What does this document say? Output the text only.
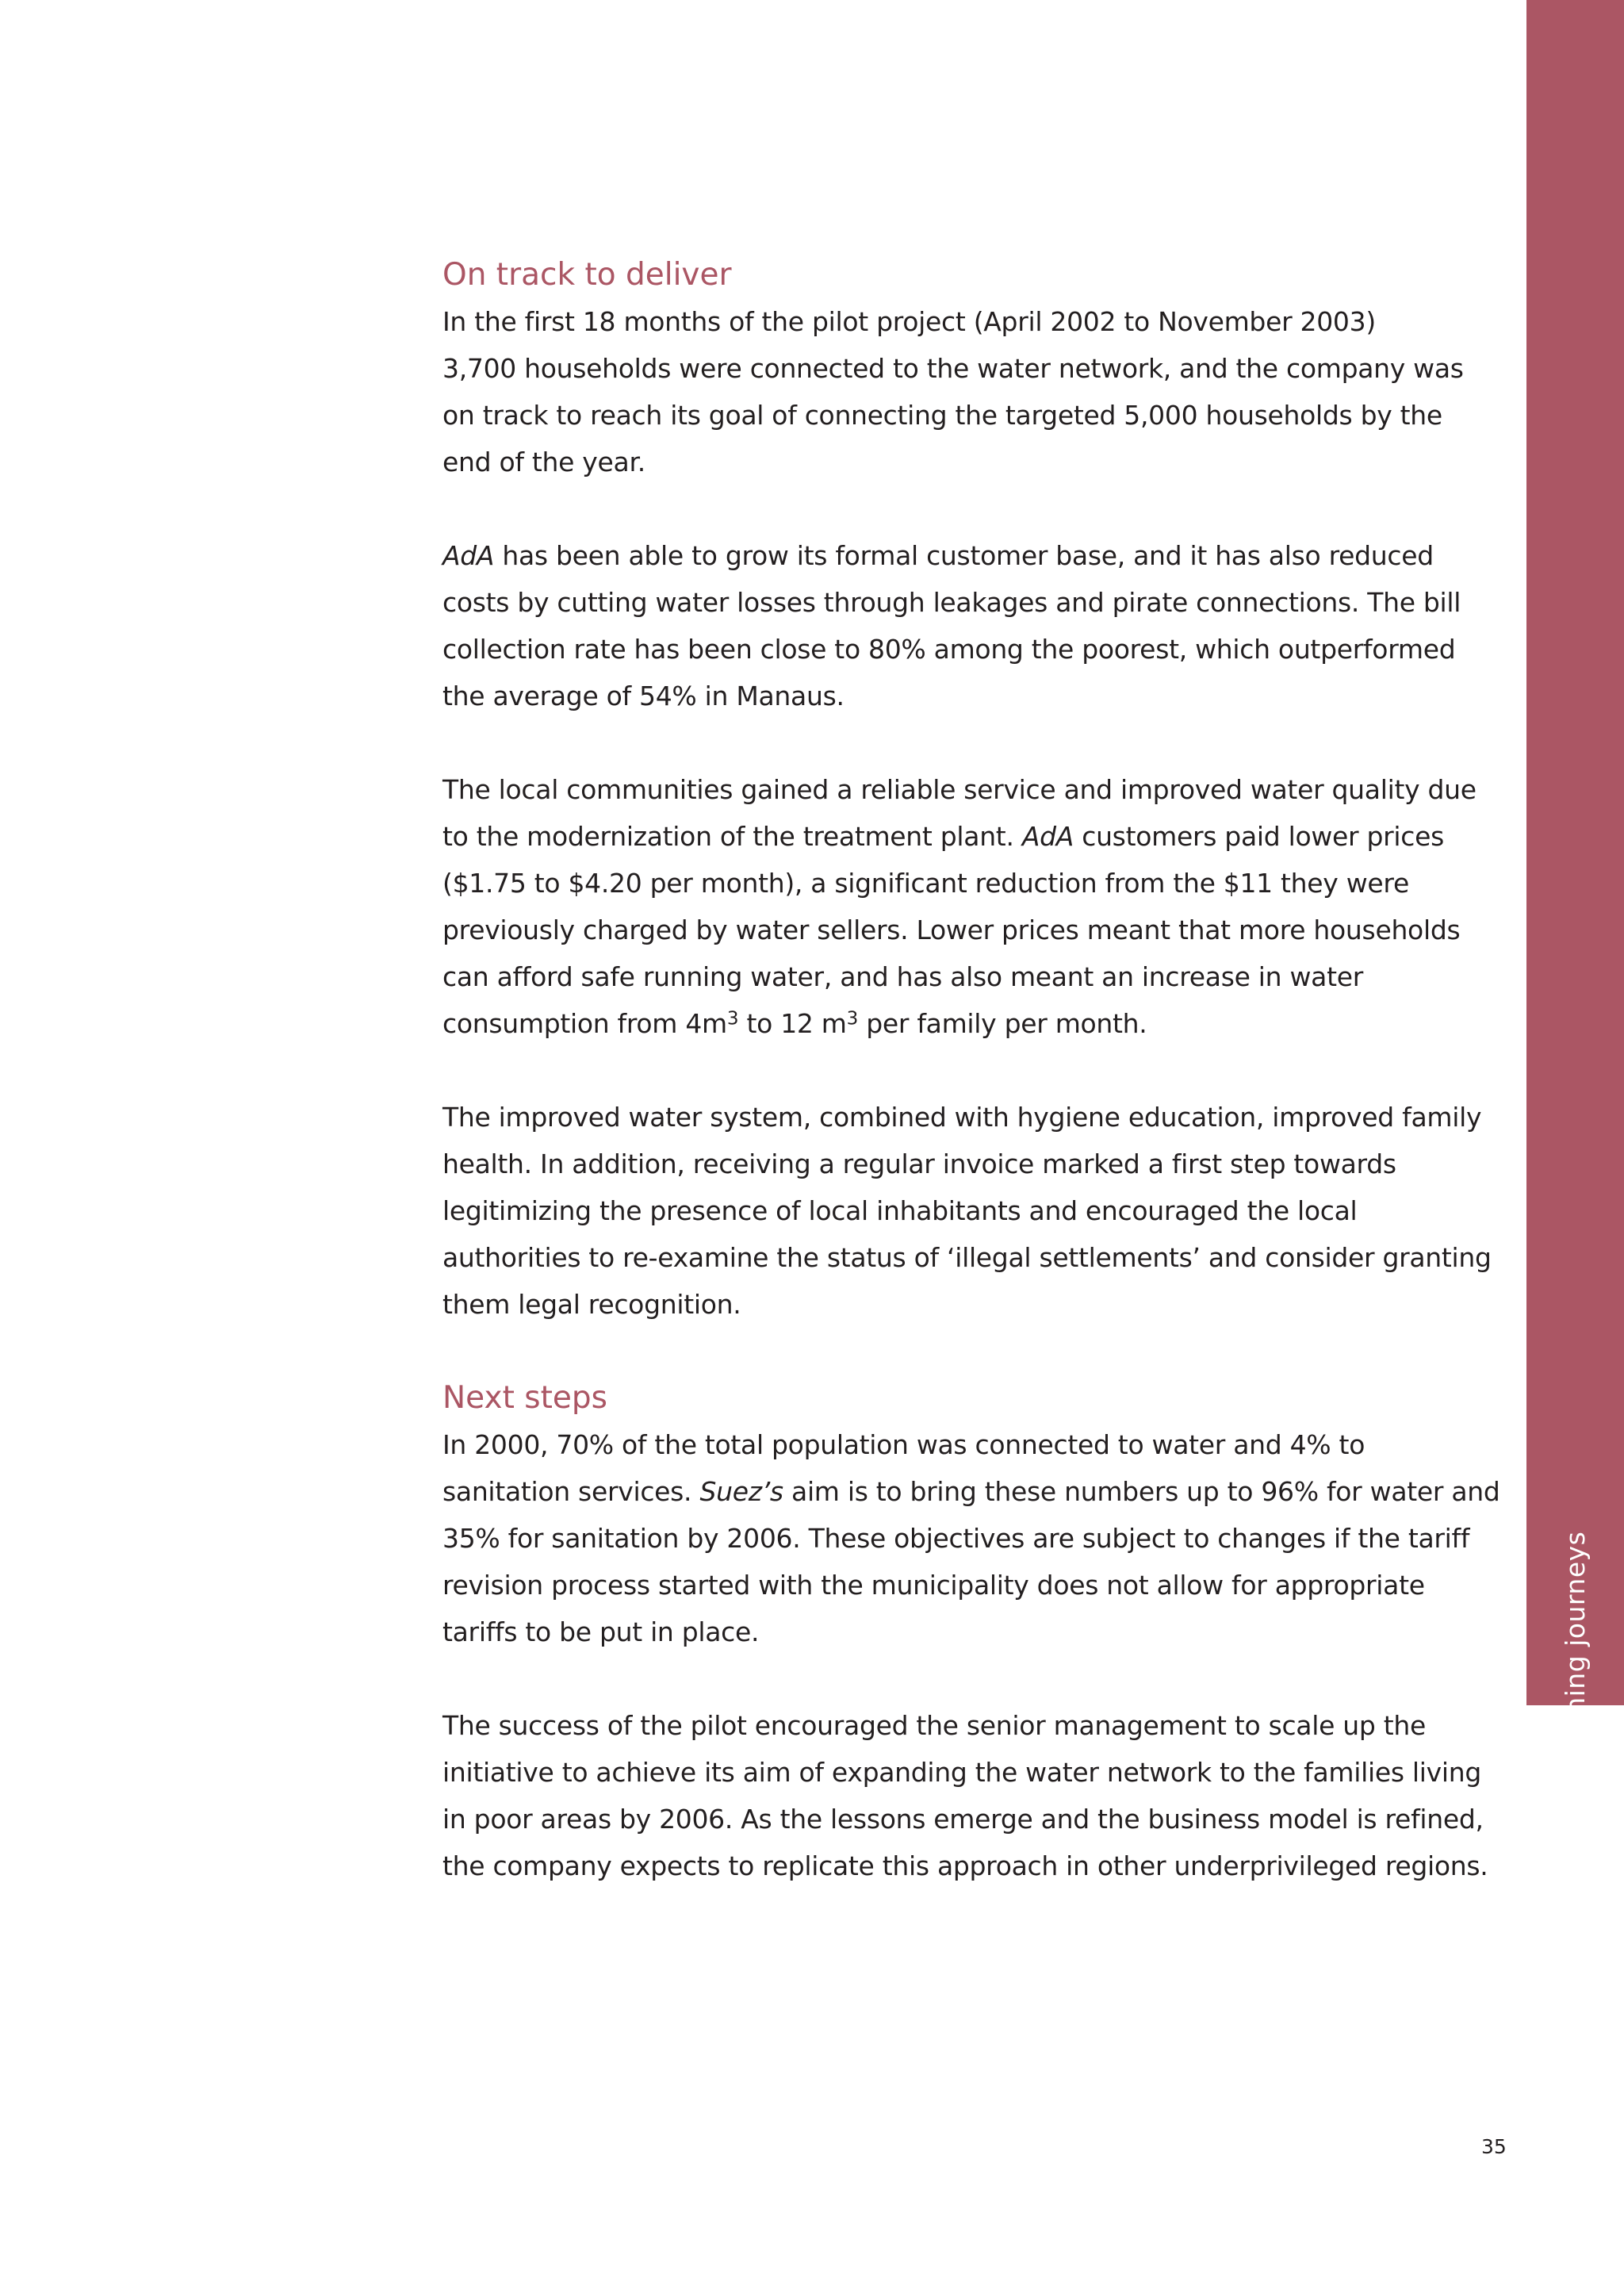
The learning journeys
On track to deliver

In the first 18 months of the pilot project (April 2002 to November 2003)
3,700 households were connected to the water network, and the company was
on track to reach its goal of connecting the targeted 5,000 households by the
end of the year.

AdA has been able to grow its formal customer base, and it has also reduced
costs by cutting water losses through leakages and pirate connections. The bill
collection rate has been close to 80% among the poorest, which outperformed
the average of 54% in Manaus.

The local communities gained a reliable service and improved water quality due
to the modernization of the treatment plant. AdA customers paid lower prices
($1.75 to $4.20 per month), a significant reduction from the $11 they were
previously charged by water sellers. Lower prices meant that more households
can afford safe running water, and has also meant an increase in water
consumption from $4m^3$ to 12 $m^3$ per family per month.

The improved water system, combined with hygiene education, improved family
health. In addition, receiving a regular invoice marked a first step towards
legitimizing the presence of local inhabitants and encouraged the local
authorities to re-examine the status of ‘illegal settlements’ and consider granting
them legal recognition.

Next steps

In 2000, 70% of the total population was connected to water and 4% to
sanitation services. Suez’s aim is to bring these numbers up to 96% for water and
35% for sanitation by 2006. These objectives are subject to changes if the tariff
revision process started with the municipality does not allow for appropriate
tariffs to be put in place.

The success of the pilot encouraged the senior management to scale up the
initiative to achieve its aim of expanding the water network to the families living
in poor areas by 2006. As the lessons emerge and the business model is refined,
the company expects to replicate this approach in other underprivileged regions.

35
